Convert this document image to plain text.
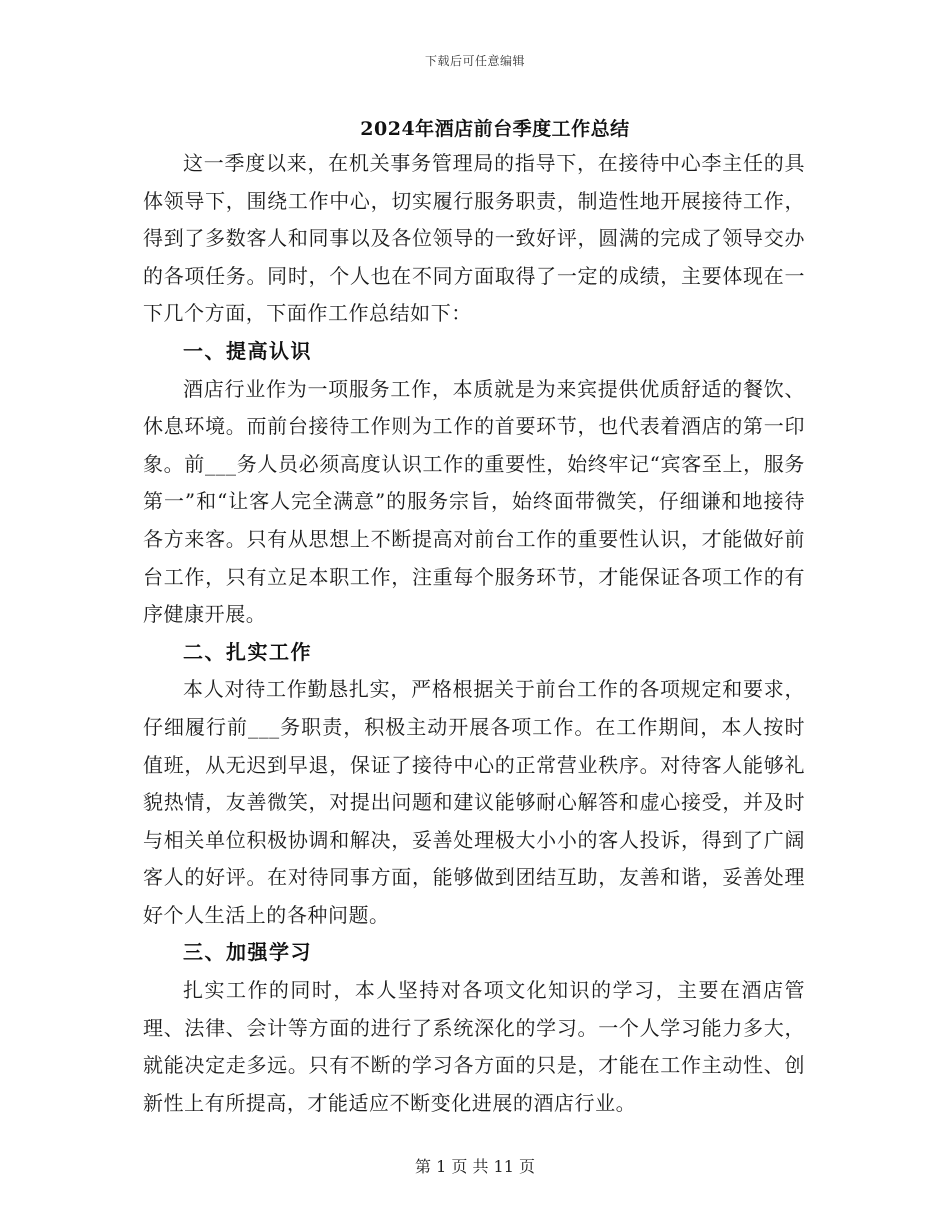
下载后可任意编辑
2024年酒店前台季度工作总结

这一季度以来，在机关事务管理局的指导下，在接待中心李主任的具体领导下，围绕工作中心，切实履行服务职责，制造性地开展接待工作，得到了多数客人和同事以及各位领导的一致好评，圆满的完成了领导交办的各项任务。同时，个人也在不同方面取得了一定的成绩，主要体现在一下几个方面，下面作工作总结如下：

一、提高认识

酒店行业作为一项服务工作，本质就是为来宾提供优质舒适的餐饮、休息环境。而前台接待工作则为工作的首要环节，也代表着酒店的第一印象。前___务人员必须高度认识工作的重要性，始终牢记“宾客至上，服务第一”和“让客人完全满意”的服务宗旨，始终面带微笑，仔细谦和地接待各方来客。只有从思想上不断提高对前台工作的重要性认识，才能做好前台工作，只有立足本职工作，注重每个服务环节，才能保证各项工作的有序健康开展。

二、扎实工作

本人对待工作勤恳扎实，严格根据关于前台工作的各项规定和要求，仔细履行前___务职责，积极主动开展各项工作。在工作期间，本人按时值班，从无迟到早退，保证了接待中心的正常营业秩序。对待客人能够礼貌热情，友善微笑，对提出问题和建议能够耐心解答和虚心接受，并及时与相关单位积极协调和解决，妥善处理极大小小的客人投诉，得到了广阔客人的好评。在对待同事方面，能够做到团结互助，友善和谐，妥善处理好个人生活上的各种问题。

三、加强学习

扎实工作的同时，本人坚持对各项文化知识的学习，主要在酒店管理、法律、会计等方面的进行了系统深化的学习。一个人学习能力多大，就能决定走多远。只有不断的学习各方面的只是，才能在工作主动性、创新性上有所提高，才能适应不断变化进展的酒店行业。

第 1 页 共 11 页
